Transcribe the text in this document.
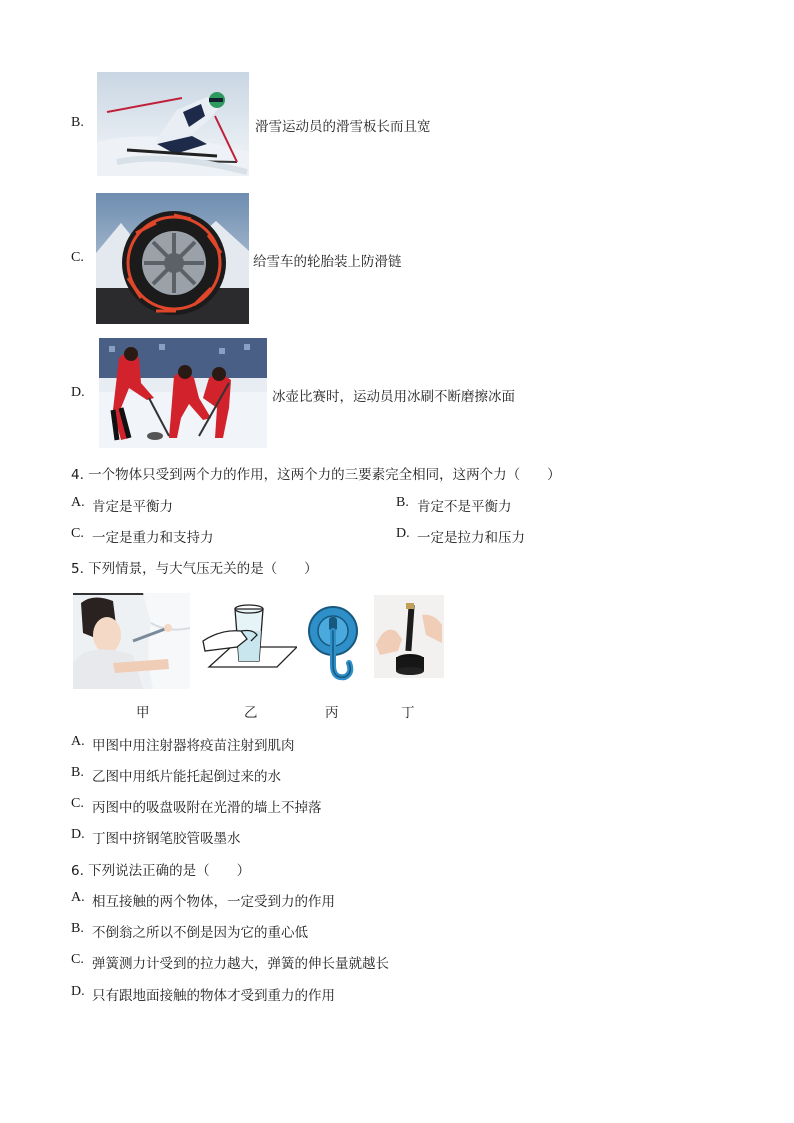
B.	滑雪运动员的滑雪板长而且宽
C.	给雪车的轮胎装上防滑链
D.	冰壶比赛时，运动员用冰刷不断磨擦冰面
4. 一个物体只受到两个力的作用，这两个力的三要素完全相同，这两个力（　　）
A. 肯定是平衡力	B. 肯定不是平衡力
C. 一定是重力和支持力	D. 一定是拉力和压力
5. 下列情景，与大气压无关的是（　　）
甲	乙	丙	丁
A. 甲图中用注射器将疫苗注射到肌肉
B. 乙图中用纸片能托起倒过来的水
C. 丙图中的吸盘吸附在光滑的墙上不掉落
D. 丁图中挤钢笔胶管吸墨水
6. 下列说法正确的是（　　）
A. 相互接触的两个物体，一定受到力的作用
B. 不倒翁之所以不倒是因为它的重心低
C. 弹簧测力计受到的拉力越大，弹簧的伸长量就越长
D. 只有跟地面接触的物体才受到重力的作用
